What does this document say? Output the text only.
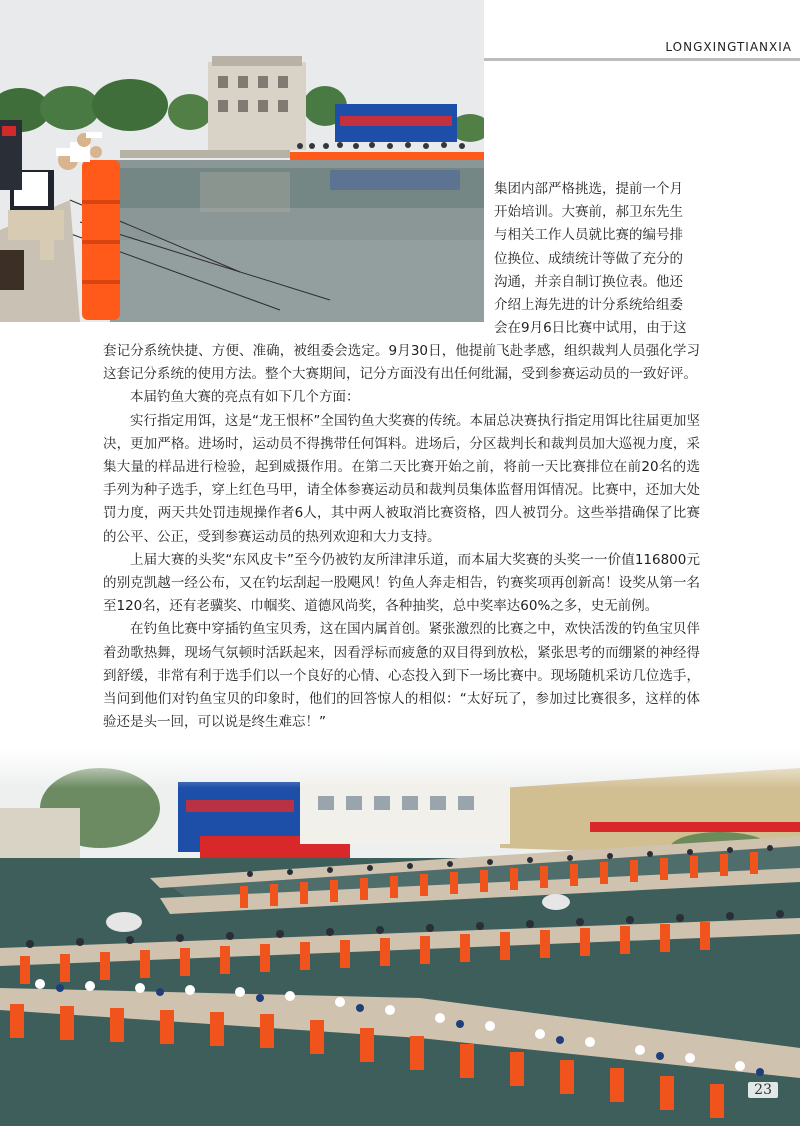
LONGXINGTIANXIA
集团内部严格挑选，提前一个月
开始培训。大赛前，郝卫东先生
与相关工作人员就比赛的编号排
位换位、成绩统计等做了充分的
沟通，并亲自制订换位表。他还
介绍上海先进的计分系统给组委
会在9月6日比赛中试用，由于这

套记分系统快捷、方便、准确，被组委会选定。9月30日，他提前飞赴孝感，组织裁判人员强化学习这套记分系统的使用方法。整个大赛期间，记分方面没有出任何纰漏，受到参赛运动员的一致好评。

本届钓鱼大赛的亮点有如下几个方面：

实行指定用饵，这是“龙王恨杯”全国钓鱼大奖赛的传统。本届总决赛执行指定用饵比往届更加坚决，更加严格。进场时，运动员不得携带任何饵料。进场后，分区裁判长和裁判员加大巡视力度，采集大量的样品进行检验，起到威摄作用。在第二天比赛开始之前，将前一天比赛排位在前20名的选手列为种子选手，穿上红色马甲，请全体参赛运动员和裁判员集体监督用饵情况。比赛中，还加大处罚力度，两天共处罚违规操作者6人，其中两人被取消比赛资格，四人被罚分。这些举措确保了比赛的公平、公正，受到参赛运动员的热列欢迎和大力支持。

上届大赛的头奖“东风皮卡”至今仍被钓友所津津乐道，而本届大奖赛的头奖一一价值116800元的别克凯越一经公布，又在钓坛刮起一股飓风！钓鱼人奔走相告，钓赛奖项再创新高！设奖从第一名至120名，还有老骥奖、巾帼奖、道德风尚奖，各种抽奖，总中奖率达60%之多，史无前例。

在钓鱼比赛中穿插钓鱼宝贝秀，这在国内属首创。紧张激烈的比赛之中，欢快活泼的钓鱼宝贝伴着劲歌热舞，现场气氛顿时活跃起来，因看浮标而疲惫的双目得到放松，紧张思考的而绷紧的神经得到舒缓，非常有利于选手们以一个良好的心情、心态投入到下一场比赛中。现场随机采访几位选手，当问到他们对钓鱼宝贝的印象时，他们的回答惊人的相似：“太好玩了，参加过比赛很多，这样的体验还是头一回，可以说是终生难忘！”

23
